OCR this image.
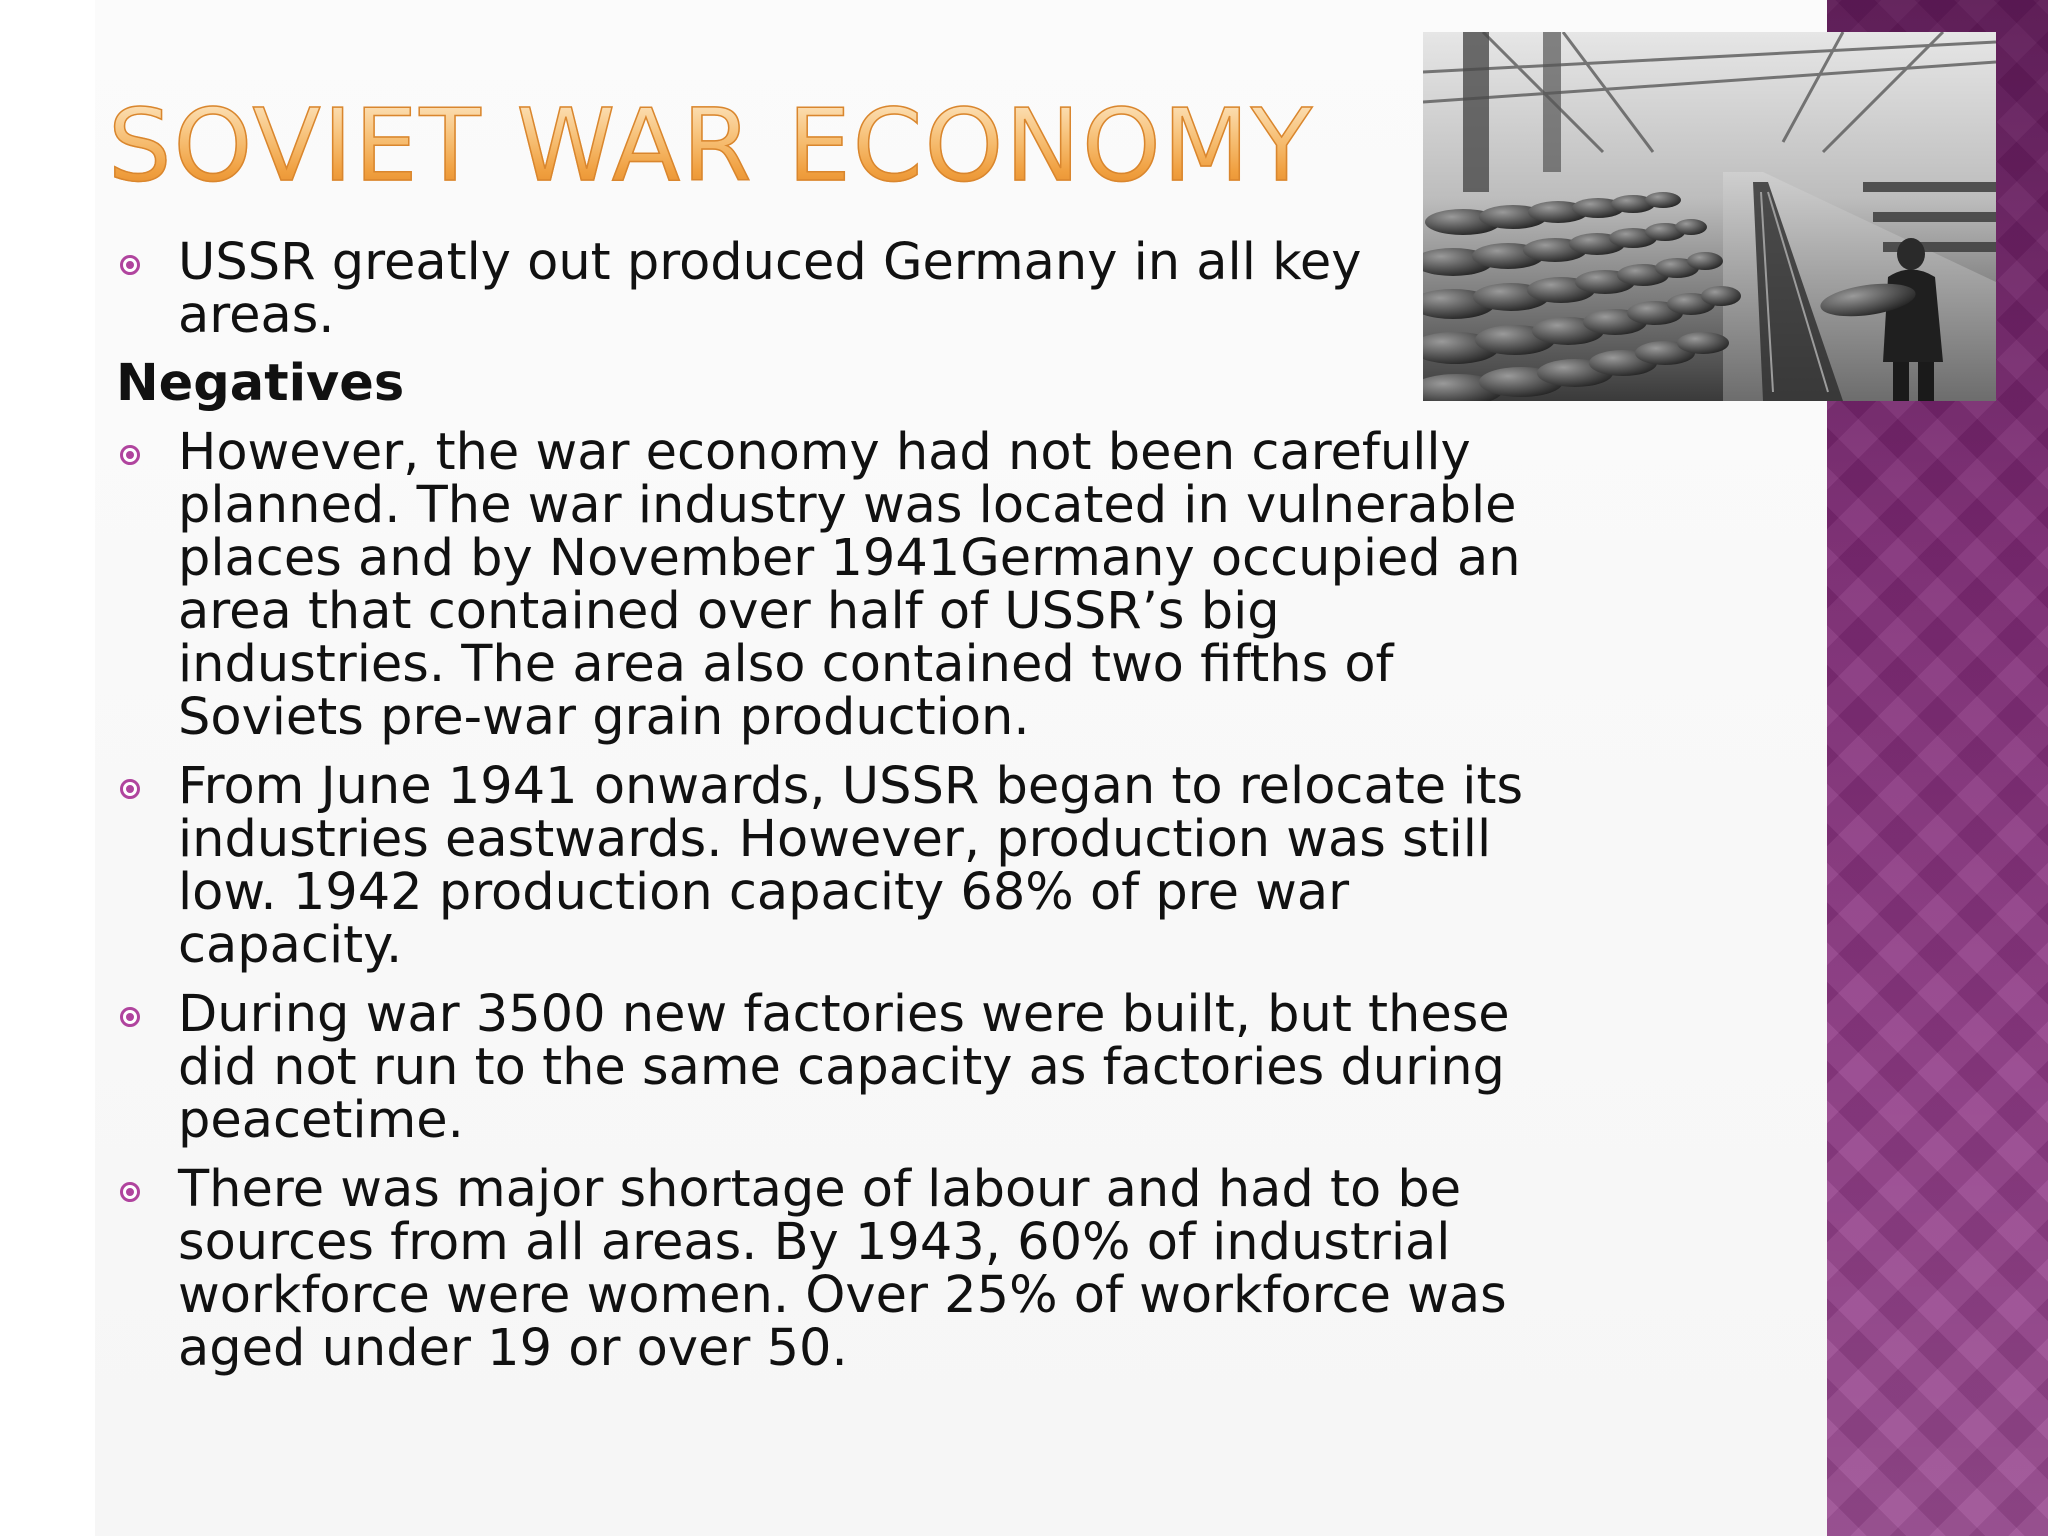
SOVIET WAR ECONOMY

USSR greatly out produced Germany in all key areas.

Negatives

However, the war economy had not been carefully planned. The war industry was located in vulnerable places and by November 1941Germany occupied an area that contained over half of USSR’s big industries. The area also contained two fifths of Soviets pre-war grain production.

From June 1941 onwards, USSR began to relocate its industries eastwards. However, production was still low. 1942 production capacity 68% of pre war capacity.

During war 3500 new factories were built, but these did not run to the same capacity as factories during peacetime.

There was major shortage of labour and had to be sources from all areas. By 1943, 60% of industrial workforce were women. Over 25% of workforce was aged under 19 or over 50.
